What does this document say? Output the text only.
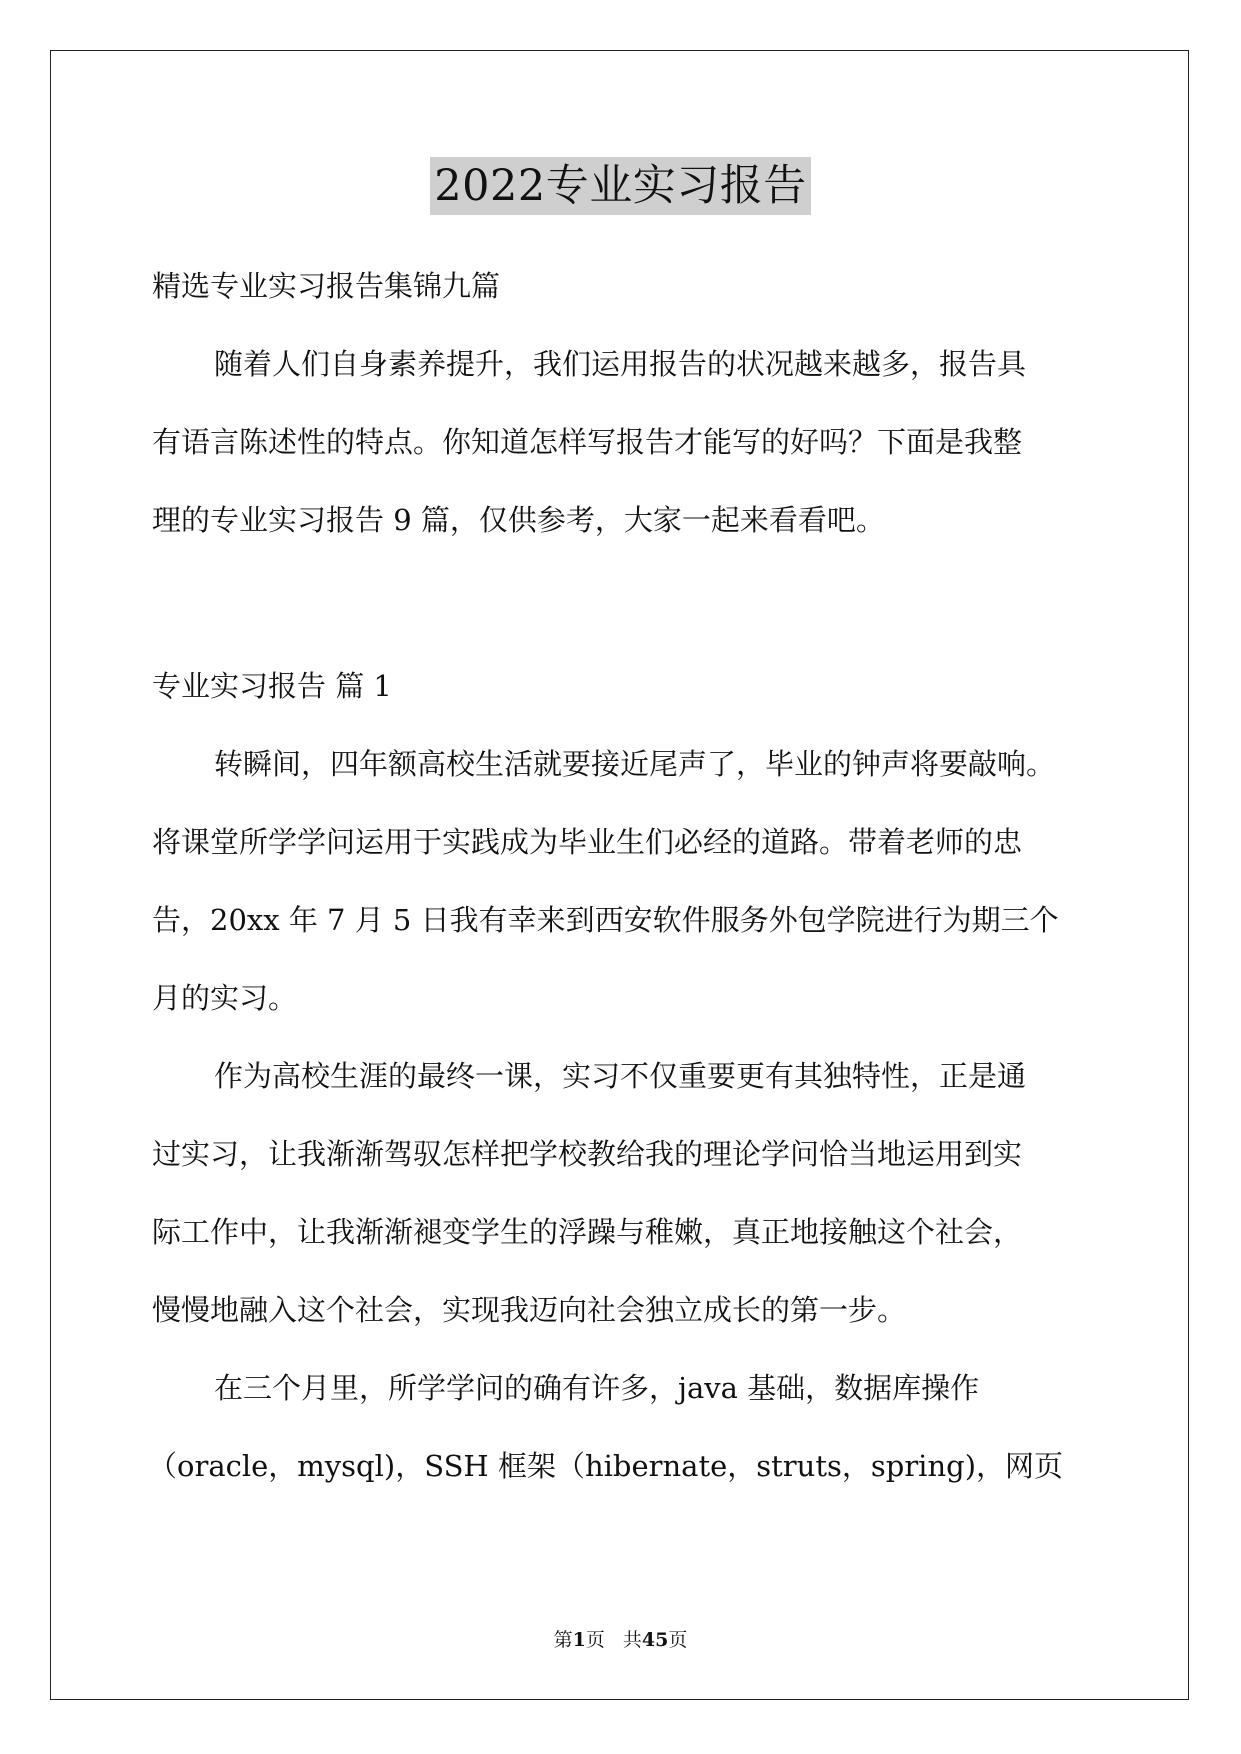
2022专业实习报告
精选专业实习报告集锦九篇
随着人们自身素养提升，我们运用报告的状况越来越多，报告具
有语言陈述性的特点。你知道怎样写报告才能写的好吗？下面是我整
理的专业实习报告 9 篇，仅供参考，大家一起来看看吧。
专业实习报告 篇 1
转瞬间，四年额高校生活就要接近尾声了，毕业的钟声将要敲响。
将课堂所学学问运用于实践成为毕业生们必经的道路。带着老师的忠
告，20xx 年 7 月 5 日我有幸来到西安软件服务外包学院进行为期三个
月的实习。
作为高校生涯的最终一课，实习不仅重要更有其独特性，正是通
过实习，让我渐渐驾驭怎样把学校教给我的理论学问恰当地运用到实
际工作中，让我渐渐褪变学生的浮躁与稚嫩，真正地接触这个社会，
慢慢地融入这个社会，实现我迈向社会独立成长的第一步。
在三个月里，所学学问的确有许多，java 基础，数据库操作
（oracle，mysql)，SSH 框架（hibernate，struts，spring)，网页
第1页 共45页
